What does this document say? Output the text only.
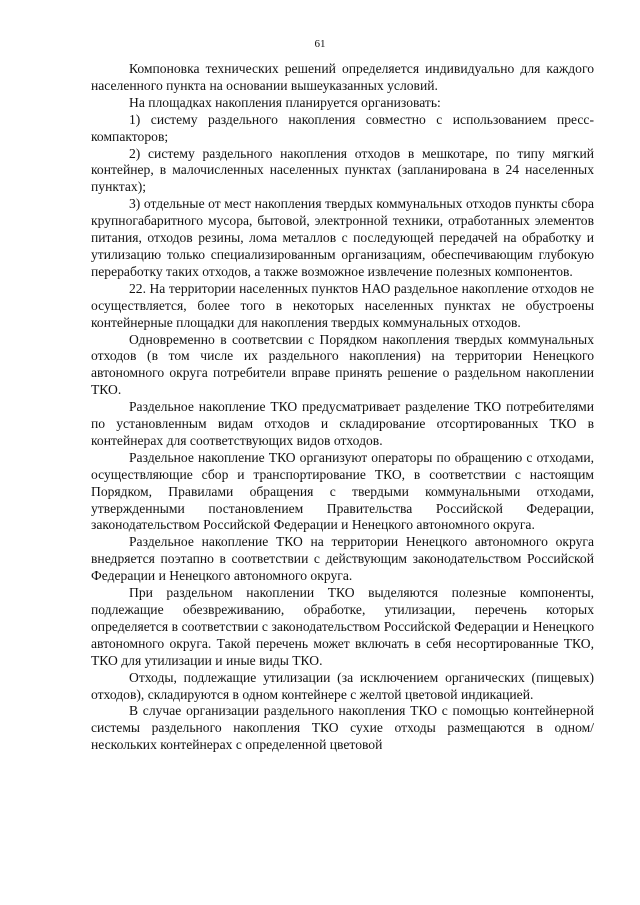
61

Компоновка технических решений определяется индивидуально для каждого населенного пункта на основании вышеуказанных условий.

На площадках накопления планируется организовать:

1) систему раздельного накопления совместно с использованием пресс-компакторов;

2) систему раздельного накопления отходов в мешкотаре, по типу мягкий контейнер, в малочисленных населенных пунктах (запланирована в 24 населенных пунктах);

3) отдельные от мест накопления твердых коммунальных отходов пункты сбора крупногабаритного мусора, бытовой, электронной техники, отработанных элементов питания, отходов резины, лома металлов с последующей передачей на обработку и утилизацию только специализированным организациям, обеспечивающим глубокую переработку таких отходов, а также возможное извлечение полезных компонентов.

22. На территории населенных пунктов НАО раздельное накопление отходов не осуществляется, более того в некоторых населенных пунктах не обустроены контейнерные площадки для накопления твердых коммунальных отходов.

Одновременно в соответсвии с Порядком накопления твердых коммунальных отходов (в том числе их раздельного накопления) на территории Ненецкого автономного округа потребители вправе принять решение о раздельном накоплении ТКО.

Раздельное накопление ТКО предусматривает разделение ТКО потребителями по установленным видам отходов и складирование отсортированных ТКО в контейнерах для соответствующих видов отходов.

Раздельное накопление ТКО организуют операторы по обращению с отходами, осуществляющие сбор и транспортирование ТКО, в соответствии с настоящим Порядком, Правилами обращения с твердыми коммунальными отходами, утвержденными постановлением Правительства Российской Федерации, законодательством Российской Федерации и Ненецкого автономного округа.

Раздельное накопление ТКО на территории Ненецкого автономного округа внедряется поэтапно в соответствии с действующим законодательством Российской Федерации и Ненецкого автономного округа.

При раздельном накоплении ТКО выделяются полезные компоненты, подлежащие обезвреживанию, обработке, утилизации, перечень которых определяется в соответствии с законодательством Российской Федерации и Ненецкого автономного округа. Такой перечень может включать в себя несортированные ТКО, ТКО для утилизации и иные виды ТКО.

Отходы, подлежащие утилизации (за исключением органических (пищевых) отходов), складируются в одном контейнере с желтой цветовой индикацией.

В случае организации раздельного накопления ТКО с помощью контейнерной системы раздельного накопления ТКО сухие отходы размещаются в одном/нескольких контейнерах с определенной цветовой
